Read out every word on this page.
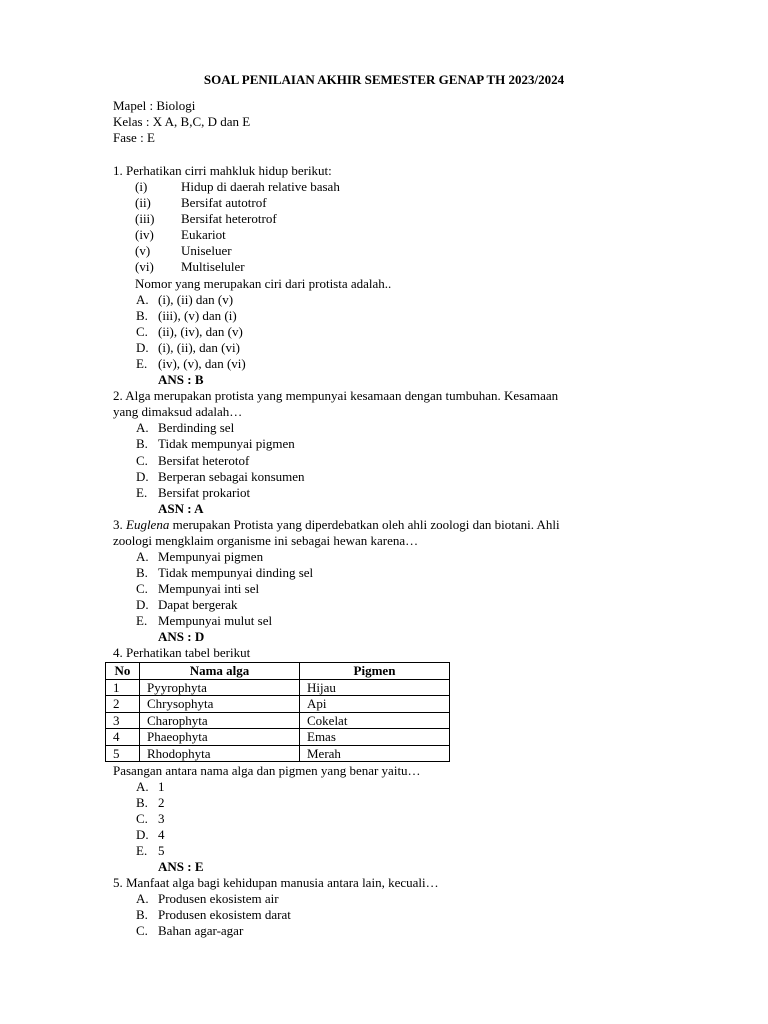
SOAL PENILAIAN AKHIR SEMESTER GENAP TH 2023/2024
Mapel : Biologi
Kelas : X A, B,C, D dan E
Fase : E
1. Perhatikan cirri mahkluk hidup berikut:
(i)	Hidup di daerah relative basah
(ii) Bersifat autotrof
(iii) Bersifat heterotrof
(iv) Eukariot
(v) Uniseluer
(vi) Multiseluler
Nomor yang merupakan ciri dari protista adalah..
A. (i), (ii) dan (v)
B. (iii), (v) dan (i)
C. (ii), (iv), dan (v)
D. (i), (ii), dan (vi)
E. (iv), (v), dan (vi)
ANS : B
2. Alga merupakan protista yang mempunyai kesamaan dengan tumbuhan. Kesamaan
yang dimaksud adalah…
A. Berdinding sel
B. Tidak mempunyai pigmen
C. Bersifat heterotof
D. Berperan sebagai konsumen
E. Bersifat prokariot
ASN : A
3. Euglena merupakan Protista yang diperdebatkan oleh ahli zoologi dan biotani. Ahli
zoologi mengklaim organisme ini sebagai hewan karena…
A. Mempunyai pigmen
B. Tidak mempunyai dinding sel
C. Mempunyai inti sel
D. Dapat bergerak
E. Mempunyai mulut sel
ANS : D
4. Perhatikan tabel berikut
No	Nama alga	Pigmen
1	Pyyrophyta	Hijau
2	Chrysophyta	Api
3	Charophyta	Cokelat
4	Phaeophyta	Emas
5	Rhodophyta	Merah
Pasangan antara nama alga dan pigmen yang benar yaitu…
A. 1
B. 2
C. 3
D. 4
E. 5
ANS : E
5. Manfaat alga bagi kehidupan manusia antara lain, kecuali…
A. Produsen ekosistem air
B. Produsen ekosistem darat
C. Bahan agar-agar
